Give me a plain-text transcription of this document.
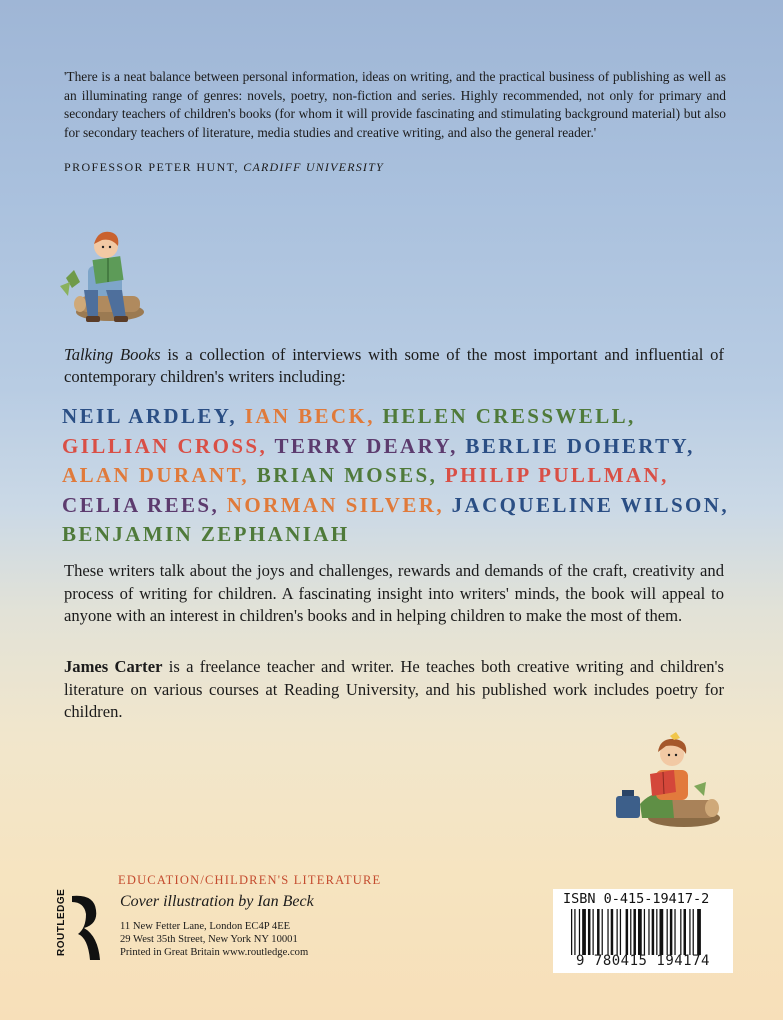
'There is a neat balance between personal information, ideas on writing, and the practical business of publishing as well as an illuminating range of genres: novels, poetry, non-fiction and series. Highly recommended, not only for primary and secondary teachers of children's books (for whom it will provide fascinating and stimulating background material) but also for secondary teachers of literature, media studies and creative writing, and also the general reader.'
PROFESSOR PETER HUNT, CARDIFF UNIVERSITY
Talking Books is a collection of interviews with some of the most important and influential of contemporary children's writers including:
NEIL ARDLEY, IAN BECK, HELEN CRESSWELL, GILLIAN CROSS, TERRY DEARY, BERLIE DOHERTY, ALAN DURANT, BRIAN MOSES, PHILIP PULLMAN, CELIA REES, NORMAN SILVER, JACQUELINE WILSON, BENJAMIN ZEPHANIAH
These writers talk about the joys and challenges, rewards and demands of the craft, creativity and process of writing for children. A fascinating insight into writers' minds, the book will appeal to anyone with an interest in children's books and in helping children to make the most of them.
James Carter is a freelance teacher and writer. He teaches both creative writing and children's literature on various courses at Reading University, and his published work includes poetry for children.
ROUTLEDGE
EDUCATION/CHILDREN'S LITERATURE
Cover illustration by Ian Beck
11 New Fetter Lane, London EC4P 4EE
29 West 35th Street, New York NY 10001
Printed in Great Britain www.routledge.com
ISBN 0-415-19417-2
9 780415 194174
